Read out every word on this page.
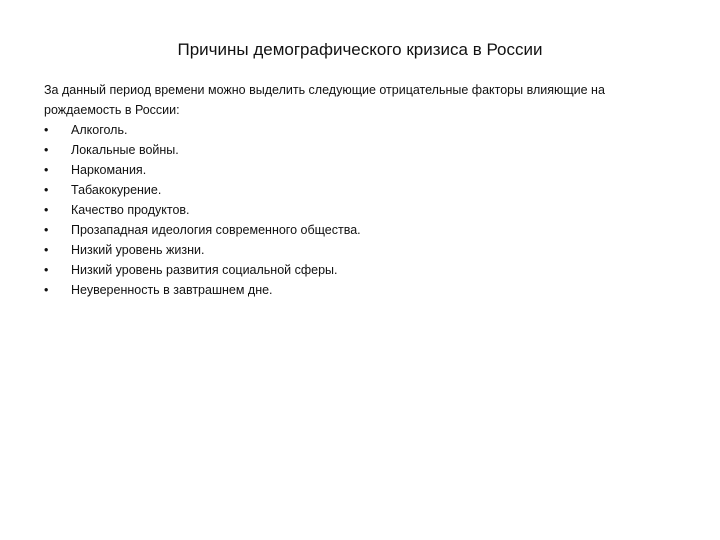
Причины демографического кризиса в России

За данный период времени можно выделить следующие отрицательные факторы влияющие на рождаемость в России:

• Алкоголь.
• Локальные войны.
• Наркомания.
• Табакокурение.
• Качество продуктов.
• Прозападная идеология современного общества.
• Низкий уровень жизни.
• Низкий уровень развития социальной сферы.
• Неуверенность в завтрашнем дне.
